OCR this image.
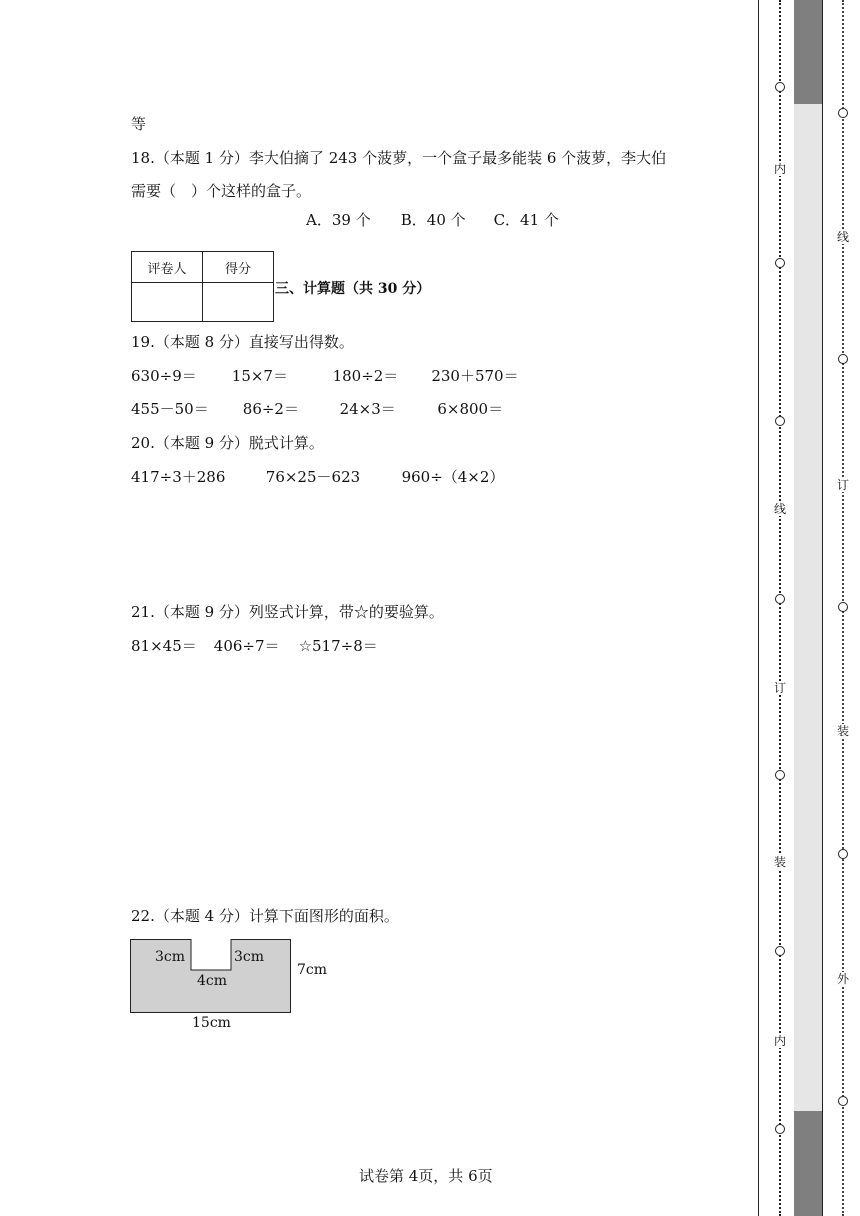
等
18.（本题 1 分）李大伯摘了 243 个菠萝，一个盒子最多能装 6 个菠萝，李大伯
需要（　）个这样的盒子。
A．39 个 B．40 个 C．41 个
评卷人	得分

三、计算题（共 30 分）
19.（本题 8 分）直接写出得数。
630÷9＝ 15×7＝	180÷2＝ 230＋570＝
455－50＝ 86÷2＝	24×3＝	6×800＝
20.（本题 9 分）脱式计算。
417÷3＋286	76×25－623	960÷（4×2）
21.（本题 9 分）列竖式计算，带☆的要验算。
81×45＝ 406÷7＝ ☆517÷8＝
22.（本题 4 分）计算下面图形的面积。
3cm	3cm
4cm
7cm
15cm
试卷第 4页，共 6页
内
线
订
装
内
线
订
装
外
